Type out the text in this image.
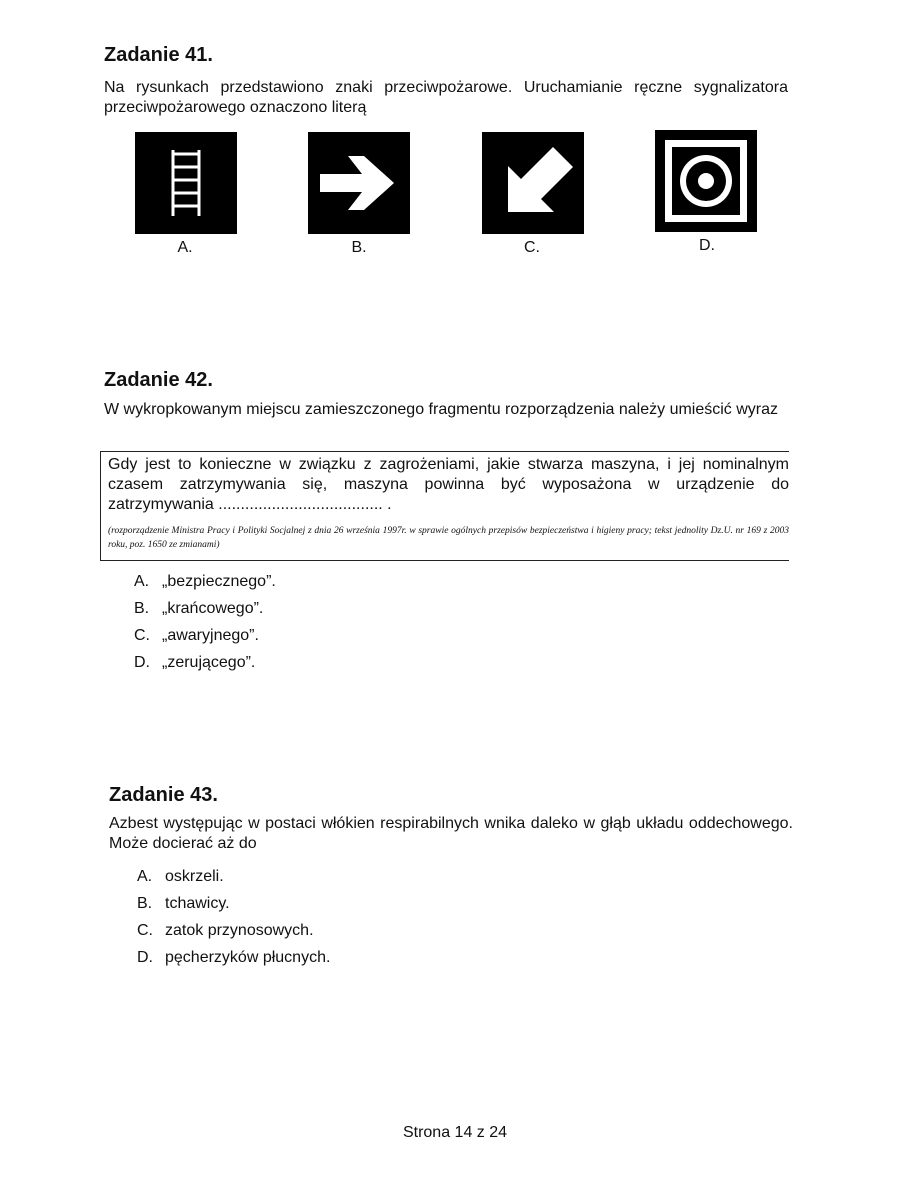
Zadanie 41.
Na rysunkach przedstawiono znaki przeciwpożarowe. Uruchamianie ręczne sygnalizatora przeciwpożarowego oznaczono literą
A.	B.	C.	D.
Zadanie 42.
W wykropkowanym miejscu zamieszczonego fragmentu rozporządzenia należy umieścić wyraz
Gdy jest to konieczne w związku z zagrożeniami, jakie stwarza maszyna, i jej nominalnym czasem zatrzymywania się, maszyna powinna być wyposażona w urządzenie do zatrzymywania ..................................... .
(rozporządzenie Ministra Pracy i Polityki Socjalnej z dnia 26 września 1997r. w sprawie ogólnych przepisów bezpieczeństwa i higieny pracy; tekst jednolity Dz.U. nr 169 z 2003 roku, poz. 1650 ze zmianami)
A. „bezpiecznego”.
B. „krańcowego”.
C. „awaryjnego”.
D. „zerującego”.
Zadanie 43.
Azbest występując w postaci włókien respirabilnych wnika daleko w głąb układu oddechowego. Może docierać aż do
A. oskrzeli.
B. tchawicy.
C. zatok przynosowych.
D. pęcherzyków płucnych.
Strona 14 z 24
